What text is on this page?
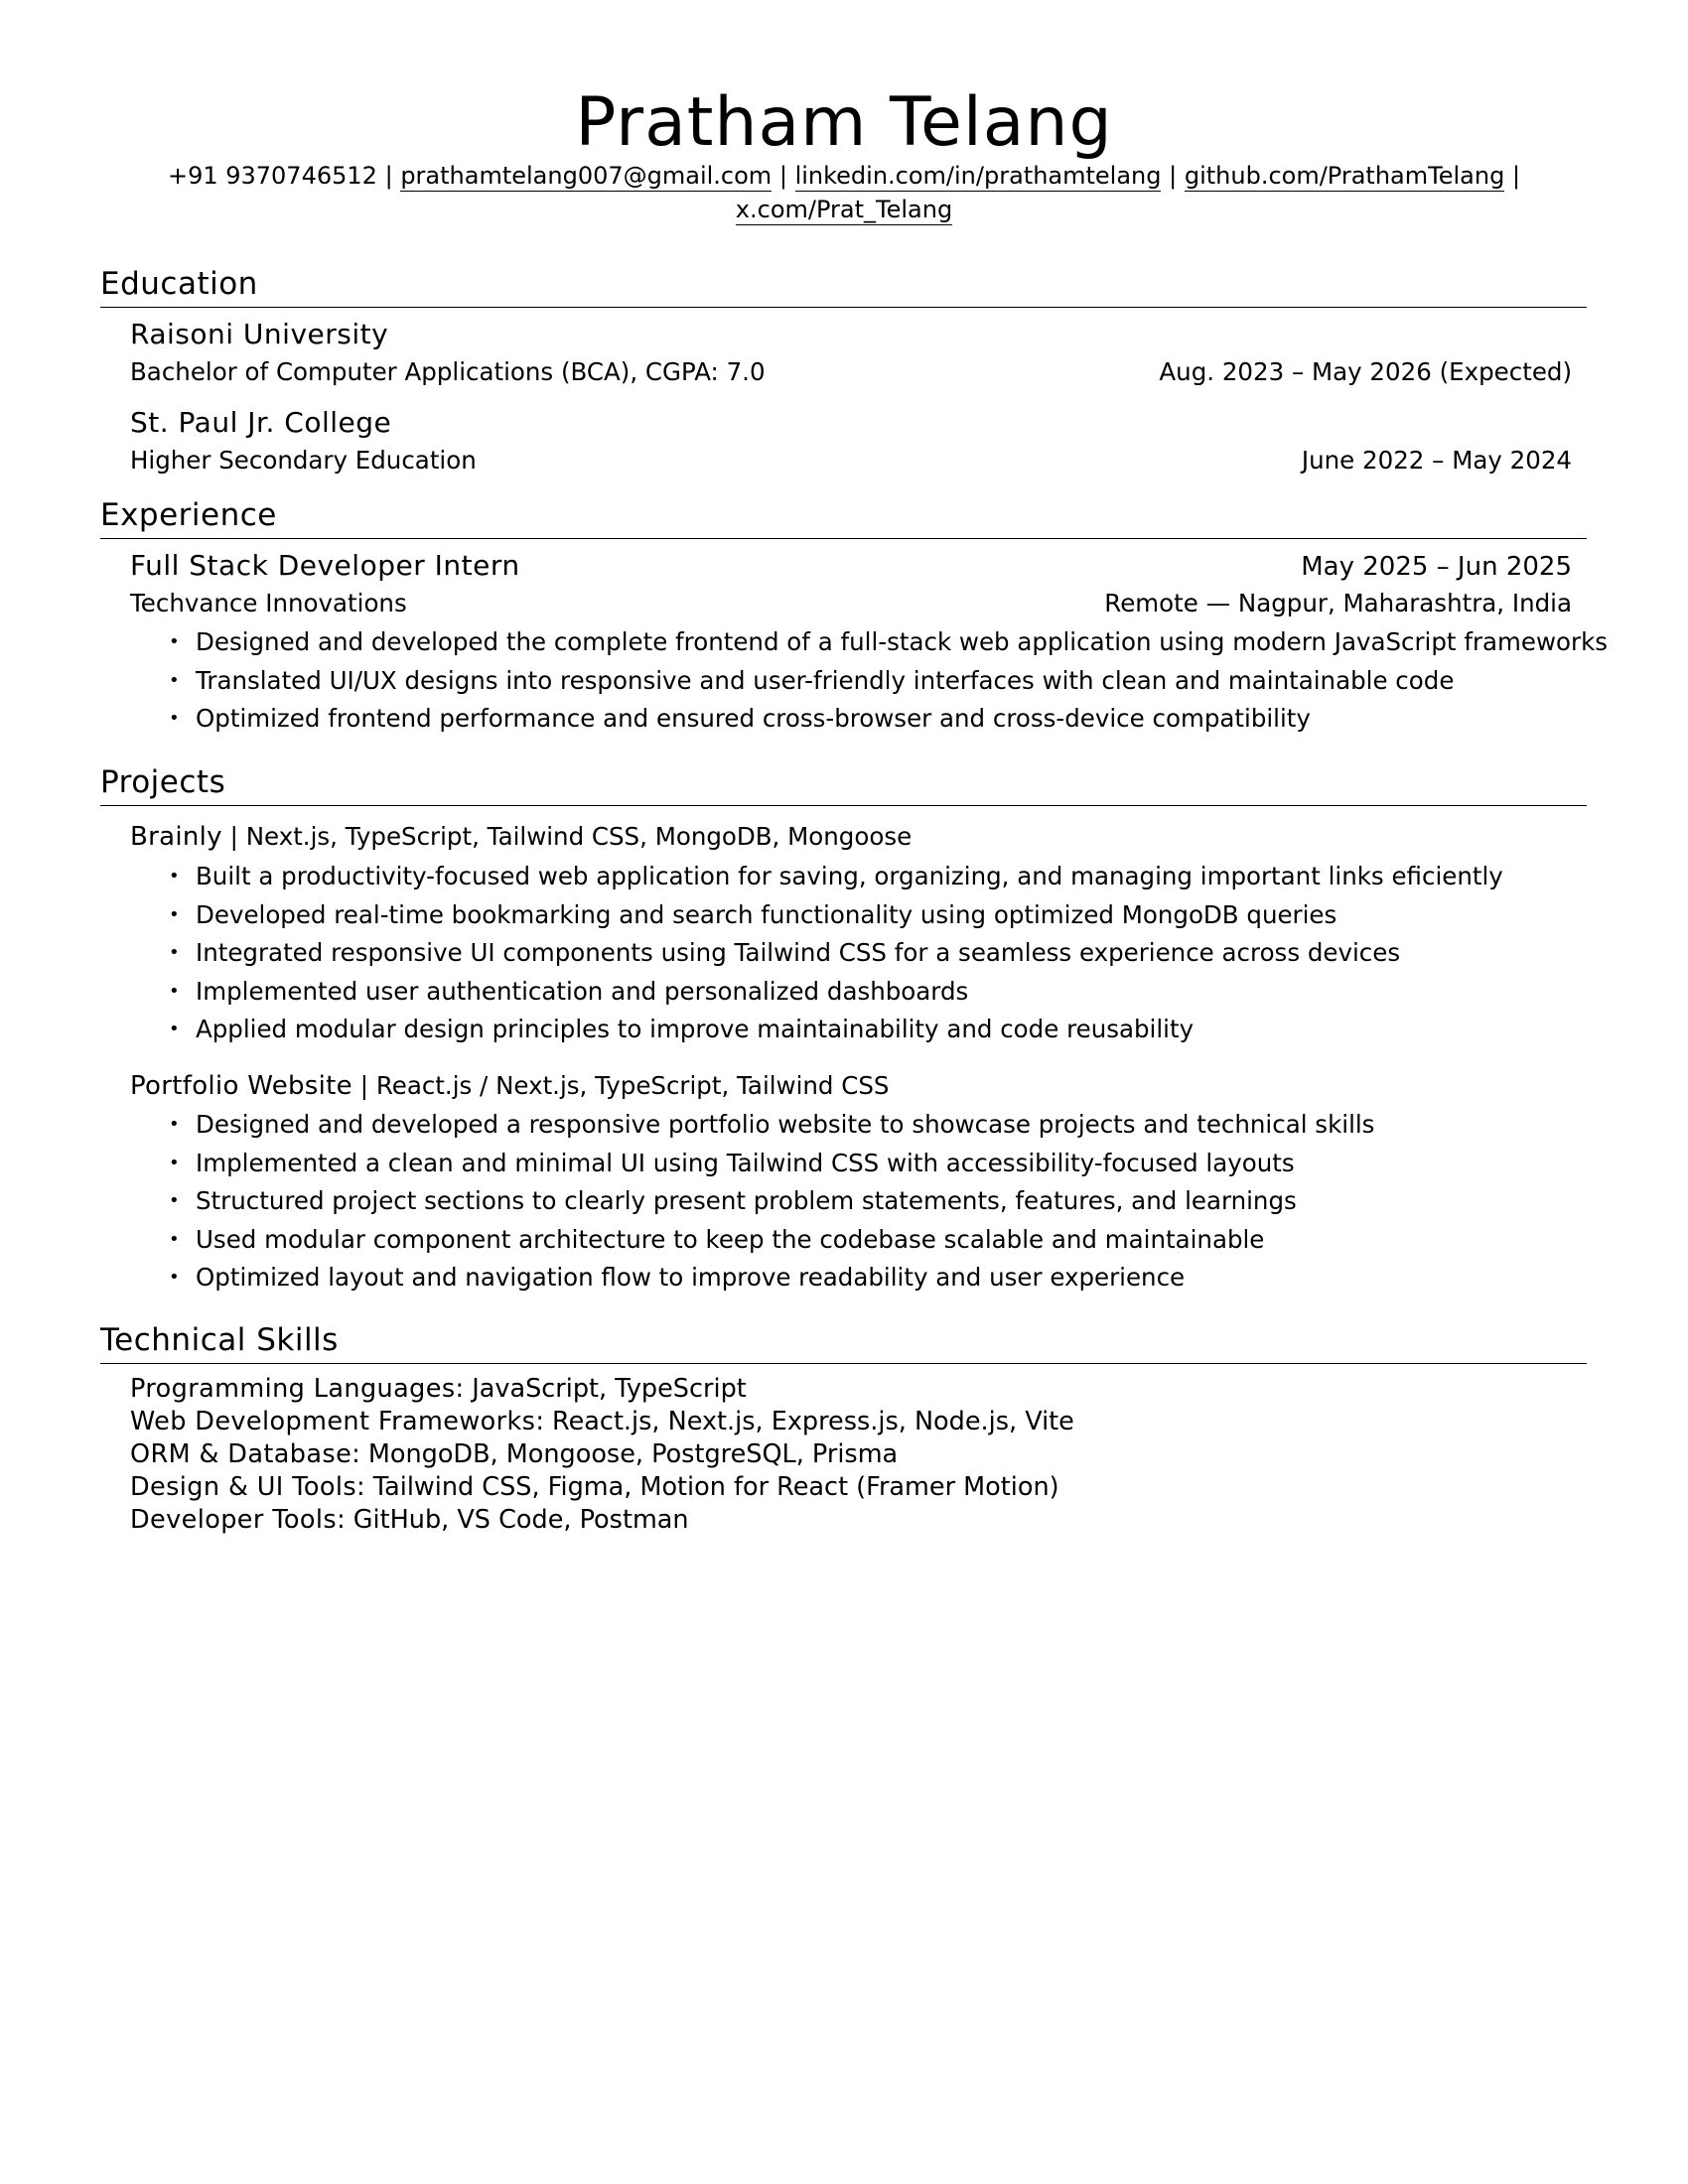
Pratham Telang
+91 9370746512 | prathamtelang007@gmail.com | linkedin.com/in/prathamtelang | github.com/PrathamTelang |
x.com/Prat_Telang
Education
Raisoni University
Bachelor of Computer Applications (BCA), CGPA: 7.0	Aug. 2023 – May 2026 (Expected)
St. Paul Jr. College
Higher Secondary Education	June 2022 – May 2024
Experience
Full Stack Developer Intern	May 2025 – Jun 2025
Techvance Innovations	Remote — Nagpur, Maharashtra, India
• Designed and developed the complete frontend of a full-stack web application using modern JavaScript frameworks
• Translated UI/UX designs into responsive and user-friendly interfaces with clean and maintainable code
• Optimized frontend performance and ensured cross-browser and cross-device compatibility
Projects
Brainly | Next.js, TypeScript, Tailwind CSS, MongoDB, Mongoose
• Built a productivity-focused web application for saving, organizing, and managing important links eficiently
• Developed real-time bookmarking and search functionality using optimized MongoDB queries
• Integrated responsive UI components using Tailwind CSS for a seamless experience across devices
• Implemented user authentication and personalized dashboards
• Applied modular design principles to improve maintainability and code reusability
Portfolio Website | React.js / Next.js, TypeScript, Tailwind CSS
• Designed and developed a responsive portfolio website to showcase projects and technical skills
• Implemented a clean and minimal UI using Tailwind CSS with accessibility-focused layouts
• Structured project sections to clearly present problem statements, features, and learnings
• Used modular component architecture to keep the codebase scalable and maintainable
• Optimized layout and navigation flow to improve readability and user experience
Technical Skills
Programming Languages: JavaScript, TypeScript
Web Development Frameworks: React.js, Next.js, Express.js, Node.js, Vite
ORM & Database: MongoDB, Mongoose, PostgreSQL, Prisma
Design & UI Tools: Tailwind CSS, Figma, Motion for React (Framer Motion)
Developer Tools: GitHub, VS Code, Postman
